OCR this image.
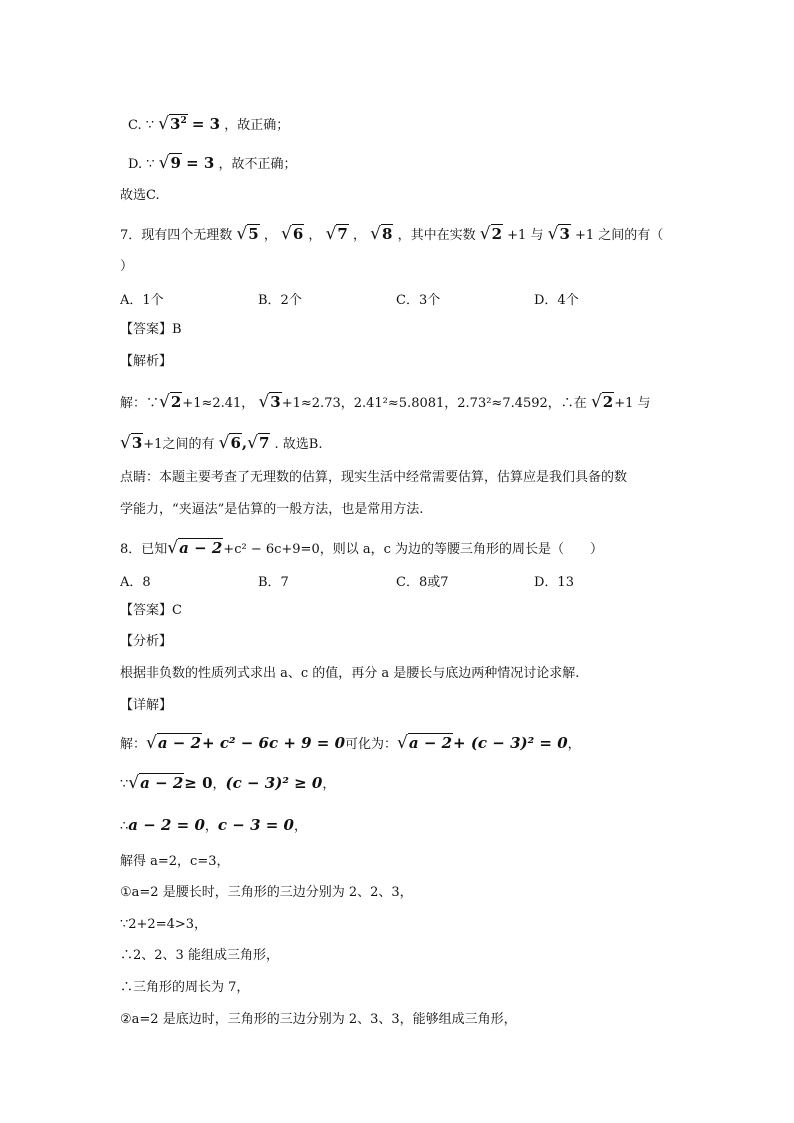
C. ∵ $√3^2 = 3$ ，故正确；
D. ∵ √9 = 3 ，故不正确；
故选C.
7．现有四个无理数 √5 ， √6 ， √7 ， √8 ，其中在实数 √2 +1 与 √3 +1 之间的有（
）
A．1个	B．2个	C．3个	D．4个
【答案】B
【解析】
解：∵√2+1≈2.41， √3+1≈2.73，2.41²≈5.8081，2.73²≈7.4592，∴在 √2+1 与
√3+1之间的有 √6,√7 . 故选B.
点睛：本题主要考查了无理数的估算，现实生活中经常需要估算，估算应是我们具备的数
学能力，“夹逼法”是估算的一般方法，也是常用方法.
8．已知√a − 2+c² − 6c+9=0，则以 a，c 为边的等腰三角形的周长是（　　）
A．8	B．7	C．8或7	D．13
【答案】C
【分析】
根据非负数的性质列式求出 a、c 的值，再分 a 是腰长与底边两种情况讨论求解.
【详解】
解：√a − 2+ c² − 6c + 9 = 0可化为：√a − 2+ (c − 3)² = 0，
∵√a − 2≥ 0，(c − 3)² ≥ 0，
∴a − 2 = 0，c − 3 = 0，
解得 a=2，c=3，
①a=2 是腰长时，三角形的三边分别为 2、2、3，
∵2+2=4>3，
∴2、2、3 能组成三角形，
∴三角形的周长为 7，
②a=2 是底边时，三角形的三边分别为 2、3、3，能够组成三角形，
